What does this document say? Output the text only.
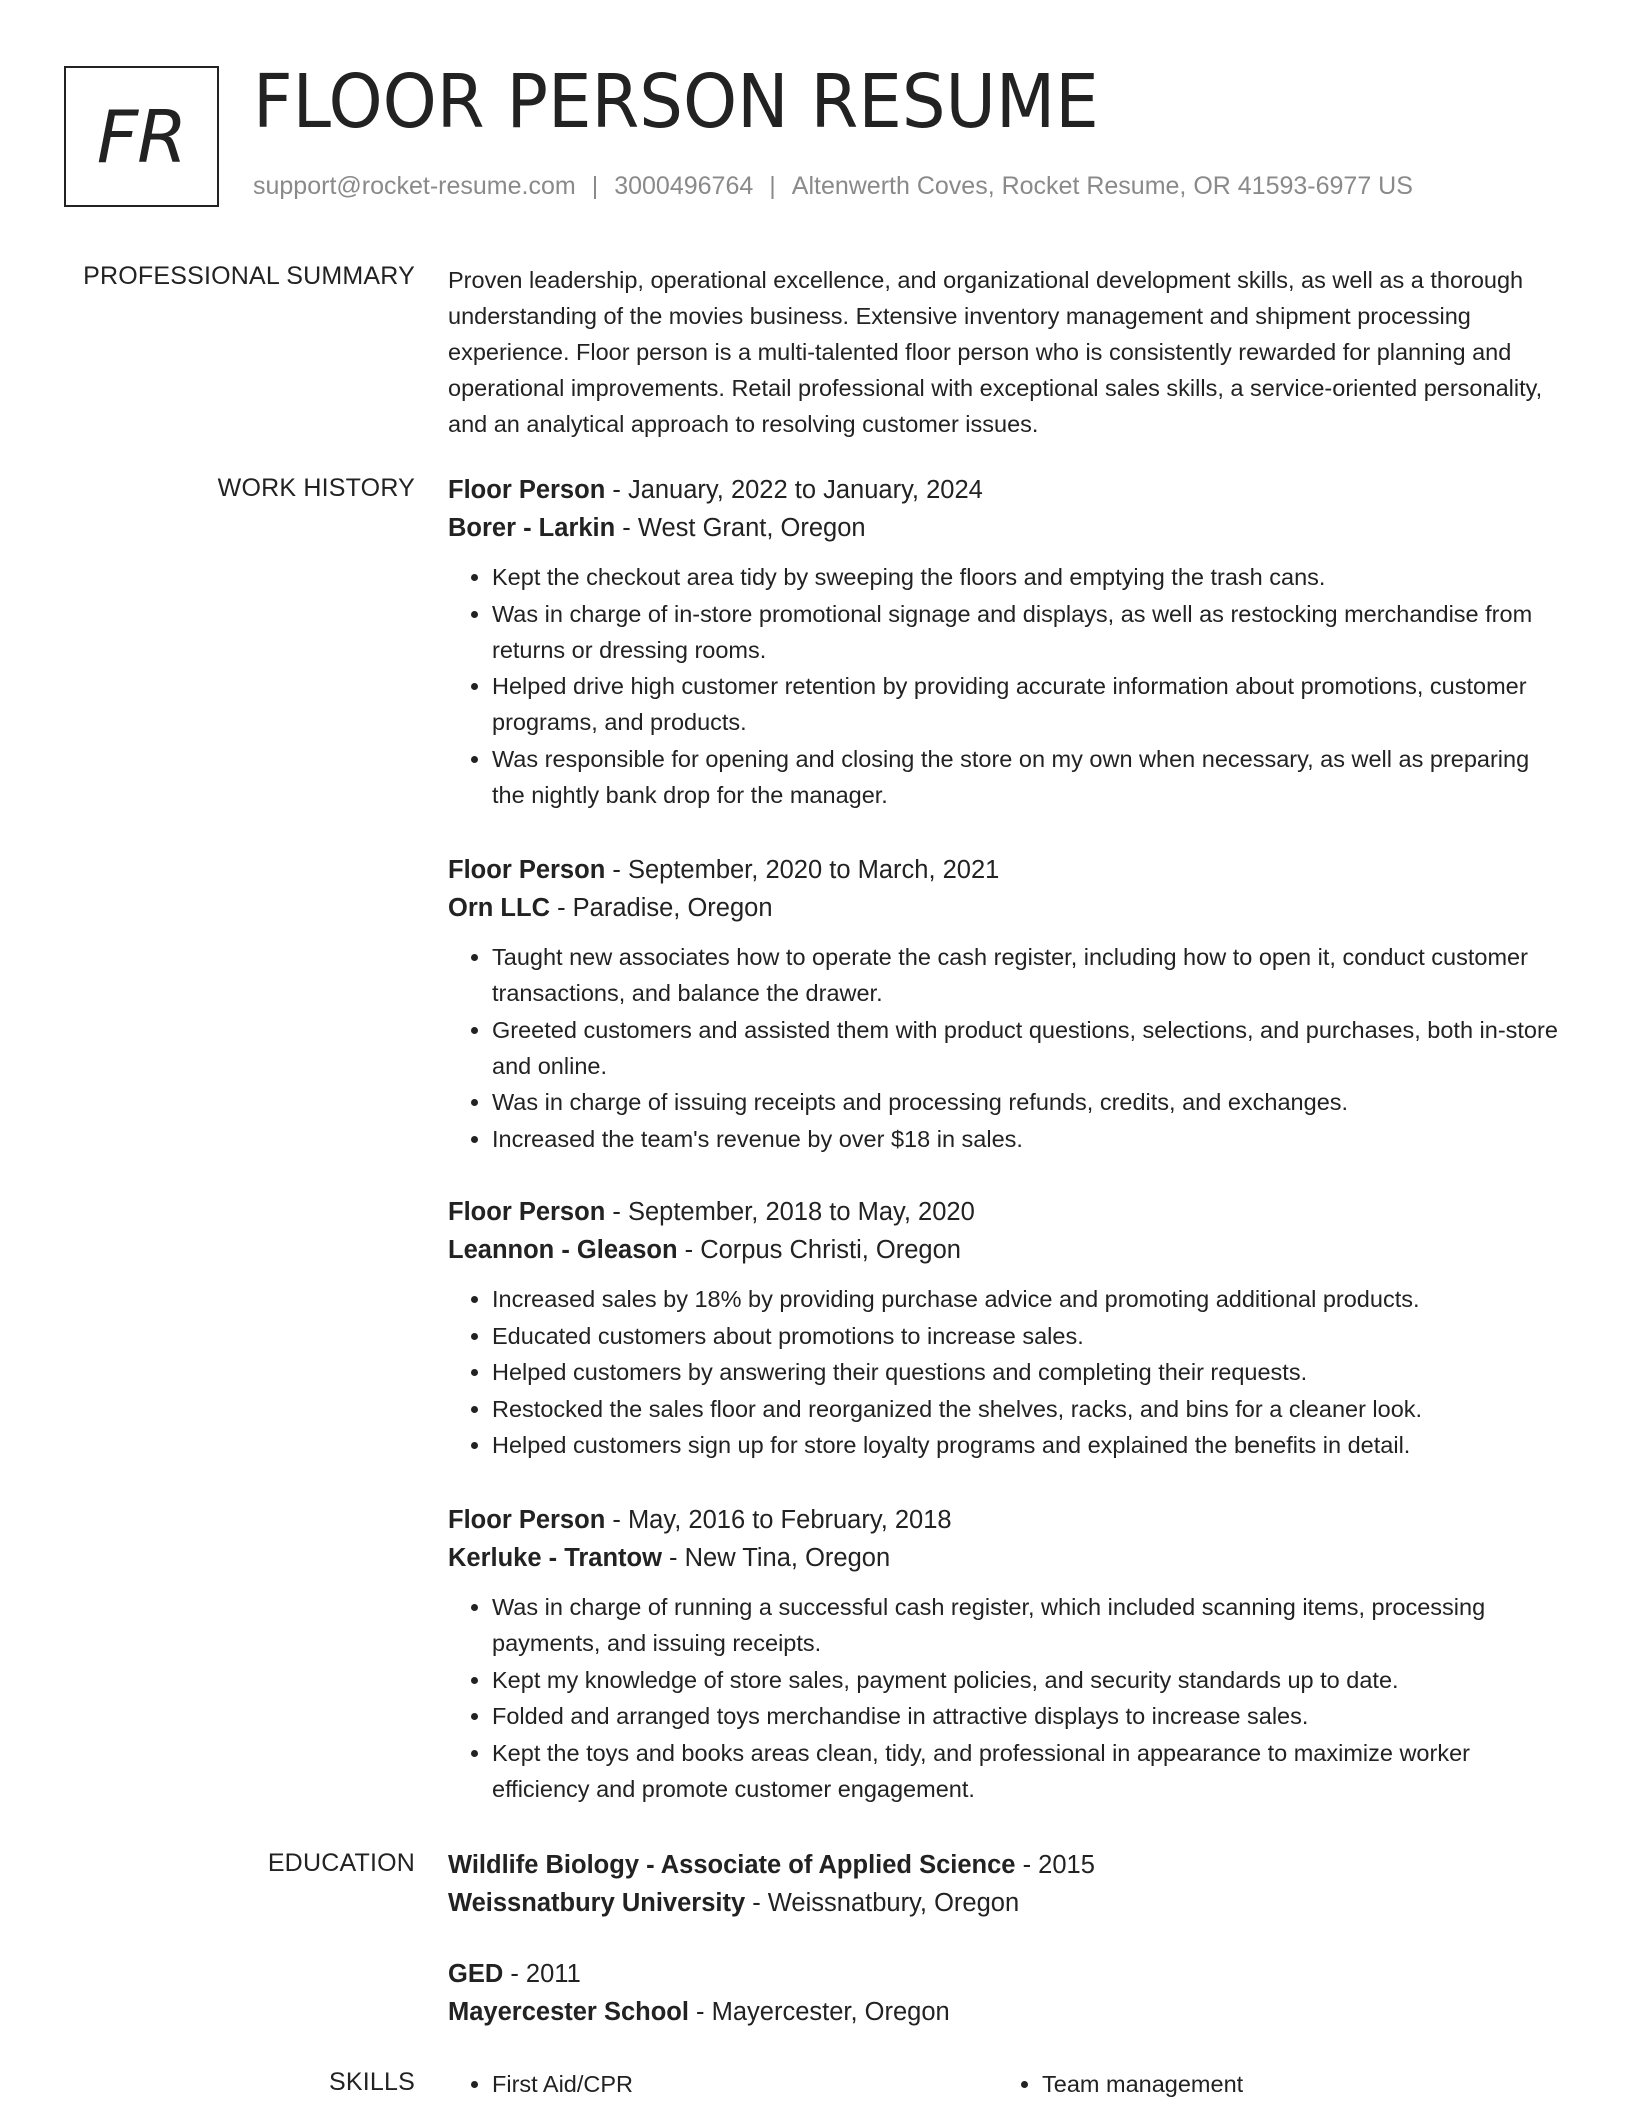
FR FLOOR PERSON RESUME
support@rocket-resume.com | 3000496764 | Altenwerth Coves, Rocket Resume, OR 41593-6977 US
PROFESSIONAL SUMMARY Proven leadership, operational excellence, and organizational development skills, as well as a thorough understanding of the movies business. Extensive inventory management and shipment processing experience. Floor person is a multi-talented floor person who is consistently rewarded for planning and operational improvements. Retail professional with exceptional sales skills, a service-oriented personality, and an analytical approach to resolving customer issues.
WORK HISTORY Floor Person - January, 2022 to January, 2024
Borer - Larkin - West Grant, Oregon
• Kept the checkout area tidy by sweeping the floors and emptying the trash cans.
• Was in charge of in-store promotional signage and displays, as well as restocking merchandise from returns or dressing rooms.
• Helped drive high customer retention by providing accurate information about promotions, customer programs, and products.
• Was responsible for opening and closing the store on my own when necessary, as well as preparing the nightly bank drop for the manager.
Floor Person - September, 2020 to March, 2021
Orn LLC - Paradise, Oregon
• Taught new associates how to operate the cash register, including how to open it, conduct customer transactions, and balance the drawer.
• Greeted customers and assisted them with product questions, selections, and purchases, both in-store and online.
• Was in charge of issuing receipts and processing refunds, credits, and exchanges.
• Increased the team's revenue by over $18 in sales.
Floor Person - September, 2018 to May, 2020
Leannon - Gleason - Corpus Christi, Oregon
• Increased sales by 18% by providing purchase advice and promoting additional products.
• Educated customers about promotions to increase sales.
• Helped customers by answering their questions and completing their requests.
• Restocked the sales floor and reorganized the shelves, racks, and bins for a cleaner look.
• Helped customers sign up for store loyalty programs and explained the benefits in detail.
Floor Person - May, 2016 to February, 2018
Kerluke - Trantow - New Tina, Oregon
• Was in charge of running a successful cash register, which included scanning items, processing payments, and issuing receipts.
• Kept my knowledge of store sales, payment policies, and security standards up to date.
• Folded and arranged toys merchandise in attractive displays to increase sales.
• Kept the toys and books areas clean, tidy, and professional in appearance to maximize worker efficiency and promote customer engagement.
EDUCATION Wildlife Biology - Associate of Applied Science - 2015
Weissnatbury University - Weissnatbury, Oregon
GED - 2011
Mayercester School - Mayercester, Oregon
SKILLS	• First Aid/CPR	• Team management
